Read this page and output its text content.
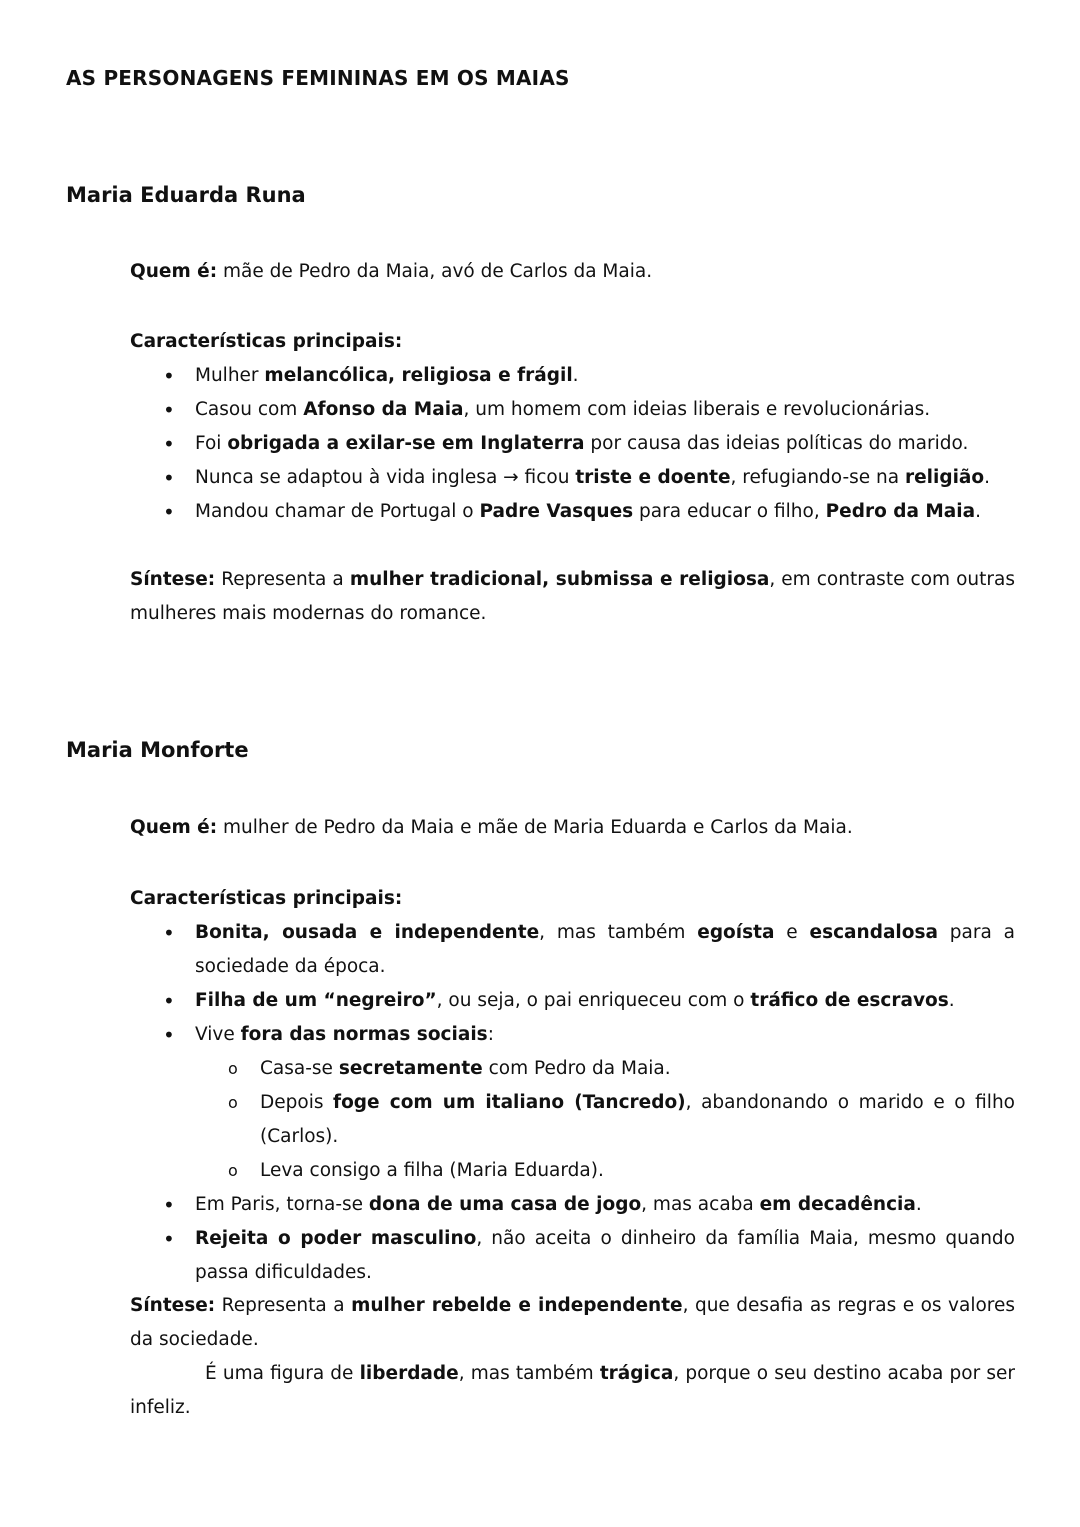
AS PERSONAGENS FEMININAS EM OS MAIAS
Maria Eduarda Runa

Quem é: mãe de Pedro da Maia, avó de Carlos da Maia.

Características principais:

• Mulher melancólica, religiosa e frágil.
• Casou com Afonso da Maia, um homem com ideias liberais e revolucionárias.
• Foi obrigada a exilar-se em Inglaterra por causa das ideias políticas do marido.
• Nunca se adaptou à vida inglesa → ficou triste e doente, refugiando-se na religião.
• Mandou chamar de Portugal o Padre Vasques para educar o filho, Pedro da Maia.

Síntese: Representa a mulher tradicional, submissa e religiosa, em contraste com outras mulheres mais modernas do romance.

Maria Monforte

Quem é: mulher de Pedro da Maia e mãe de Maria Eduarda e Carlos da Maia.

Características principais:

• Bonita, ousada e independente, mas também egoísta e escandalosa para a sociedade da época.
• Filha de um “negreiro”, ou seja, o pai enriqueceu com o tráfico de escravos.
• Vive fora das normas sociais:
o Casa-se secretamente com Pedro da Maia.
o Depois foge com um italiano (Tancredo), abandonando o marido e o filho (Carlos).
o Leva consigo a filha (Maria Eduarda).
• Em Paris, torna-se dona de uma casa de jogo, mas acaba em decadência.
• Rejeita o poder masculino, não aceita o dinheiro da família Maia, mesmo quando passa dificuldades.

Síntese: Representa a mulher rebelde e independente, que desafia as regras e os valores da sociedade.

É uma figura de liberdade, mas também trágica, porque o seu destino acaba por ser infeliz.
